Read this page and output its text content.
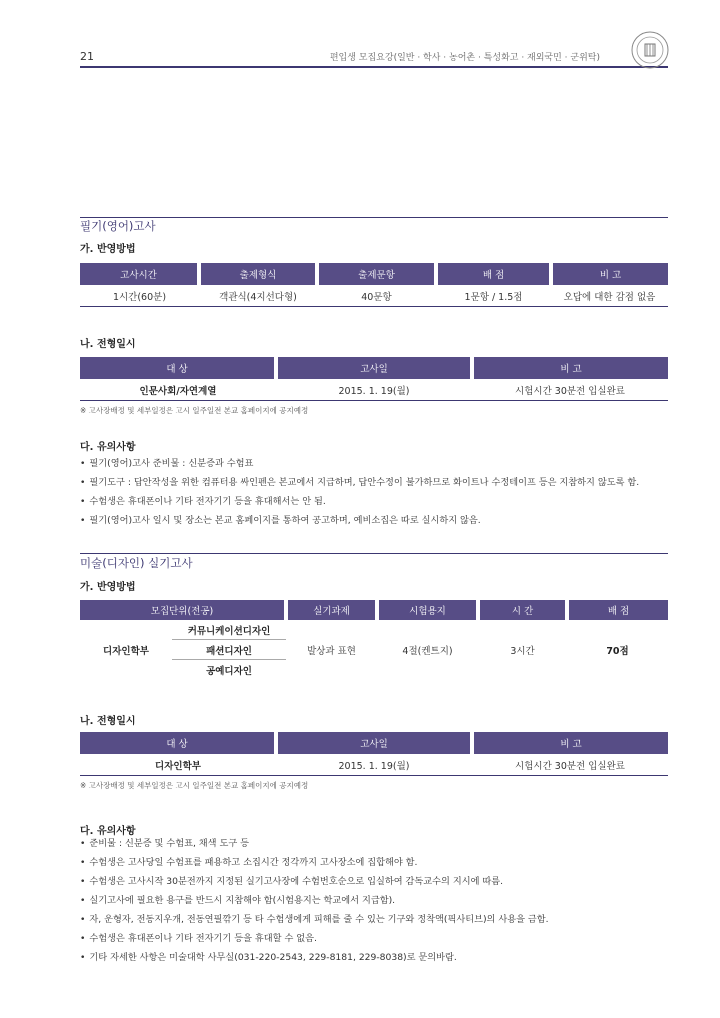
21	편입생 모집요강(일반 · 학사 · 농어촌 · 특성화고 · 재외국민 · 군위탁)
필기(영어)고사
가. 반영방법
고사시간	출제형식	출제문항	배 점	비 고
1시간(60분)	객관식(4지선다형)	40문항	1문항 / 1.5점	오답에 대한 감점 없음
나. 전형일시
대 상	고사일	비 고
인문사회/자연계열	2015. 1. 19(월)	시험시간 30분전 입실완료
※ 고사장배정 및 세부일정은 고시 일주일전 본교 홈페이지에 공지예정
다. 유의사항
• 필기(영어)고사 준비물 : 신분증과 수험표
• 필기도구 : 답안작성을 위한 컴퓨터용 싸인펜은 본교에서 지급하며, 답안수정이 불가하므로 화이트나 수정테이프 등은 지참하지 않도록 함.
• 수험생은 휴대폰이나 기타 전자기기 등을 휴대해서는 안 됨.
• 필기(영어)고사 일시 및 장소는 본교 홈페이지를 통하여 공고하며, 예비소집은 따로 실시하지 않음.
미술(디자인) 실기고사
가. 반영방법
모집단위(전공)		실기과제	시험용지	시 간	배 점
디자인학부	커뮤니케이션디자인	발상과 표현	4절(켄트지)	3시간	70점
	패션디자인				
	공예디자인				
나. 전형일시
대 상	고사일	비 고
디자인학부	2015. 1. 19(월)	시험시간 30분전 입실완료
※ 고사장배정 및 세부일정은 고시 일주일전 본교 홈페이지에 공지예정
다. 유의사항
• 준비물 : 신분증 및 수험표, 채색 도구 등
• 수험생은 고사당일 수험표를 패용하고 소집시간 정각까지 고사장소에 집합해야 함.
• 수험생은 고사시작 30분전까지 지정된 실기고사장에 수험번호순으로 입실하여 감독교수의 지시에 따름.
• 실기고사에 필요한 용구를 반드시 지참해야 함(시험용지는 학교에서 지급함).
• 자, 운형자, 전동지우개, 전동연필깎기 등 타 수험생에게 피해를 줄 수 있는 기구와 정착액(픽사티브)의 사용을 금함.
• 수험생은 휴대폰이나 기타 전자기기 등을 휴대할 수 없음.
• 기타 자세한 사항은 미술대학 사무실(031-220-2543, 229-8181, 229-8038)로 문의바람.
